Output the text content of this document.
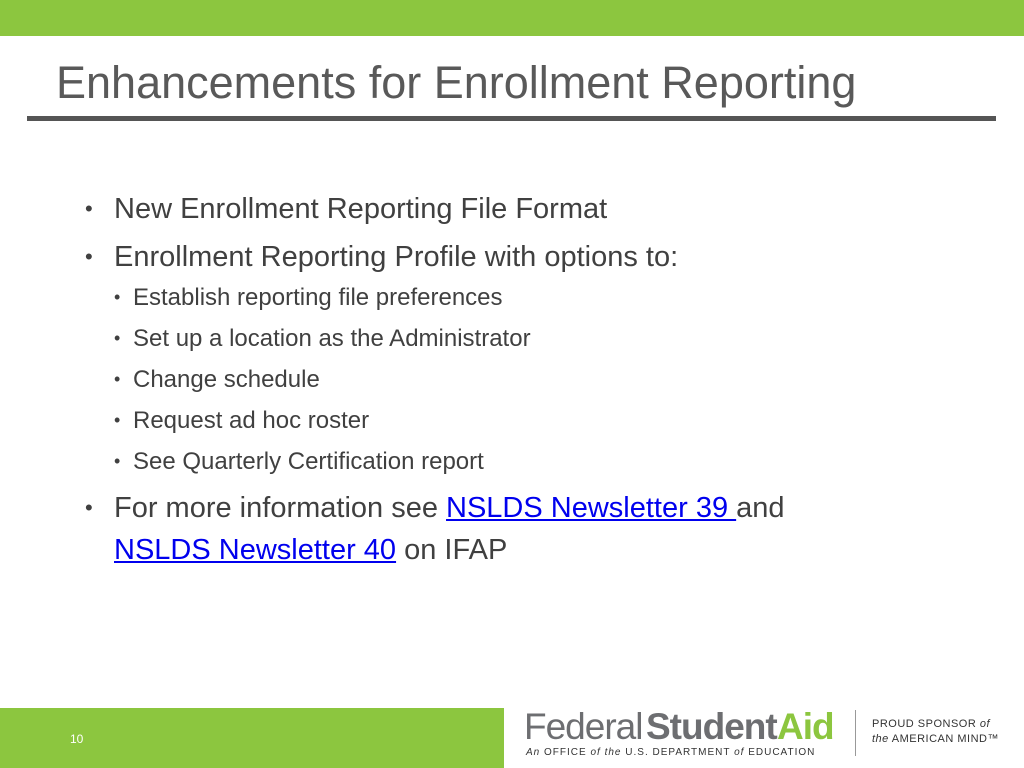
Enhancements for Enrollment Reporting
• New Enrollment Reporting File Format
• Enrollment Reporting Profile with options to:
• Establish reporting file preferences
• Set up a location as the Administrator
• Change schedule
• Request ad hoc roster
• See Quarterly Certification report
• For more information see NSLDS Newsletter 39 and
NSLDS Newsletter 40 on IFAP
10	Federal Student Aid
An OFFICE of the U.S. DEPARTMENT of EDUCATION
PROUD SPONSOR of
the AMERICAN MIND™
